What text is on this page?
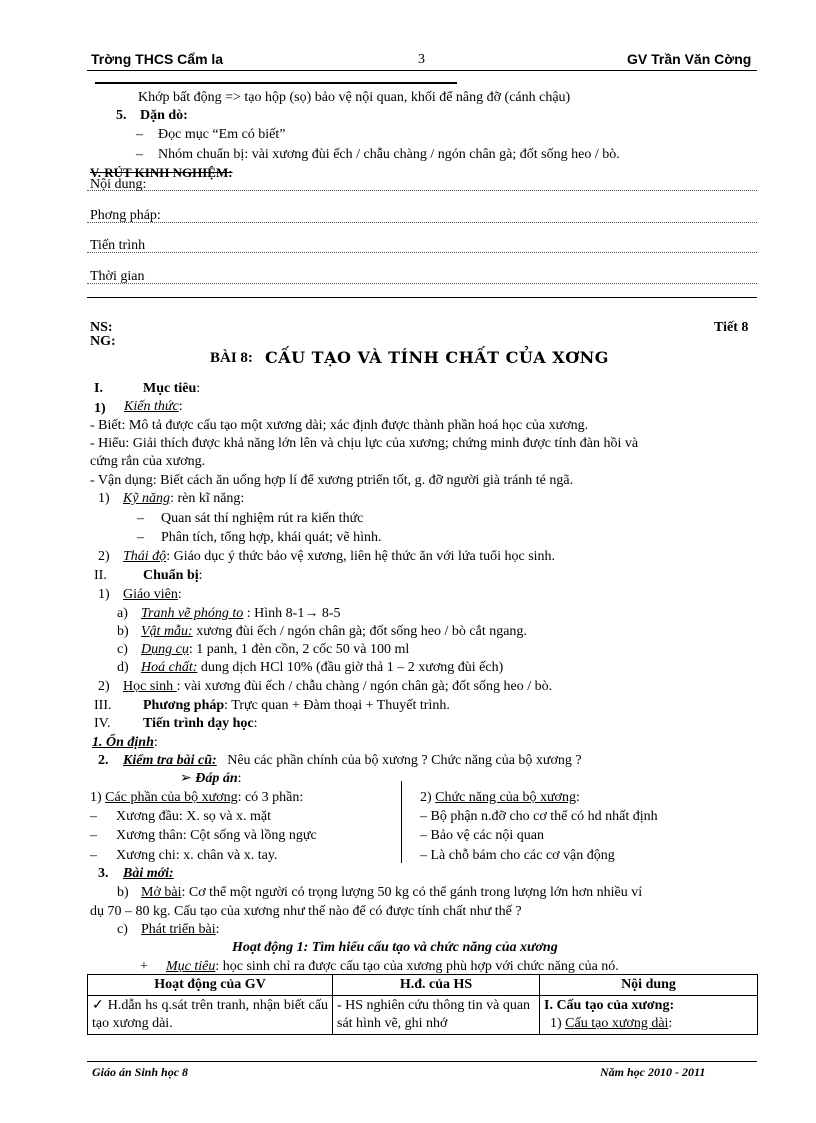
Trờng THCS Cẩm la	3	GV Trần Văn Cờng
Khớp bất động => tạo hộp (sọ) bảo vệ nội quan, khối để nâng đỡ (cánh chậu)
5. Dặn dò:
– Đọc mục “Em có biết”
– Nhóm chuẩn bị: vài xương đùi ếch / chẫu chàng / ngón chân gà; đốt sống heo / bò.
V. RÚT KINH NGHIỆM:
Nội dung:
Phơng pháp:
Tiến trình
Thời gian
NS:
NG:
Tiết 8
BÀI 8: CẤU TẠO VÀ TÍNH CHẤT CỦA XƠNG
I.	Mục tiêu:
1) Kiến thức:
- Biết: Mô tả được cấu tạo một xương dài; xác định được thành phần hoá học của xương.
- Hiểu: Giải thích được khả năng lớn lên và chịu lực của xương; chứng minh được tính đàn hồi và
cứng rắn của xương.
- Vận dụng: Biết cách ăn uống hợp lí để xương ptriển tốt, g. đỡ người già tránh té ngã.
1) Kỹ năng: rèn kĩ năng:
– Quan sát thí nghiệm rút ra kiến thức
– Phân tích, tổng hợp, khái quát; vẽ hình.
2) Thái độ: Giáo dục ý thức bảo vệ xương, liên hệ thức ăn với lứa tuổi học sinh.
II.	Chuẩn bị:
1) Giáo viên:
a) Tranh vẽ phóng to : Hình 8-1→ 8-5
b) Vật mẫu: xương đùi ếch / ngón chân gà; đốt sống heo / bò cắt ngang.
c) Dụng cụ: 1 panh, 1 đèn cồn, 2 cốc 50 và 100 ml
d) Hoá chất: dung dịch HCl 10% (đầu giờ thả 1 – 2 xương đùi ếch)
2) Học sinh : vài xương đùi ếch / chẫu chàng / ngón chân gà; đốt sống heo / bò.
III. Phương pháp: Trực quan + Đàm thoại + Thuyết trình.
IV. Tiến trình dạy học:
1. Ổn định:
2. Kiểm tra bài cũ: Nêu các phần chính của bộ xương ? Chức năng của bộ xương ?
➢ Đáp án:
1) Các phần của bộ xương: có 3 phần:
– Xương đầu: X. sọ và x. mặt
– Xương thân: Cột sống và lồng ngực
– Xương chi: x. chân và x. tay.
2) Chức năng của bộ xương:
– Bộ phận n.đỡ cho cơ thể có hd nhất định
– Bảo vệ các nội quan
– Là chỗ bám cho các cơ vận động
3. Bài mới:
b) Mở bài: Cơ thể một người có trọng lượng 50 kg có thể gánh trong lượng lớn hơn nhiều ví
dụ 70 – 80 kg. Cấu tạo của xương như thế nào để có được tính chất như thế ?
c) Phát triển bài:
Hoạt động 1: Tìm hiểu cấu tạo và chức năng của xương
+ Mục tiêu: học sinh chỉ ra được cấu tạo của xương phù hợp với chức năng của nó.
Hoạt động của GV	H.đ. của HS	Nội dung
✓ H.dẫn hs q.sát trên tranh, nhận biết cấu tạo xương dài.	- HS nghiên cứu thông tin và quan sát hình vẽ, ghi nhớ	I. Cấu tạo của xương:
1) Cấu tạo xương dài:
Giáo án Sinh học 8	Năm học 2010 - 2011
